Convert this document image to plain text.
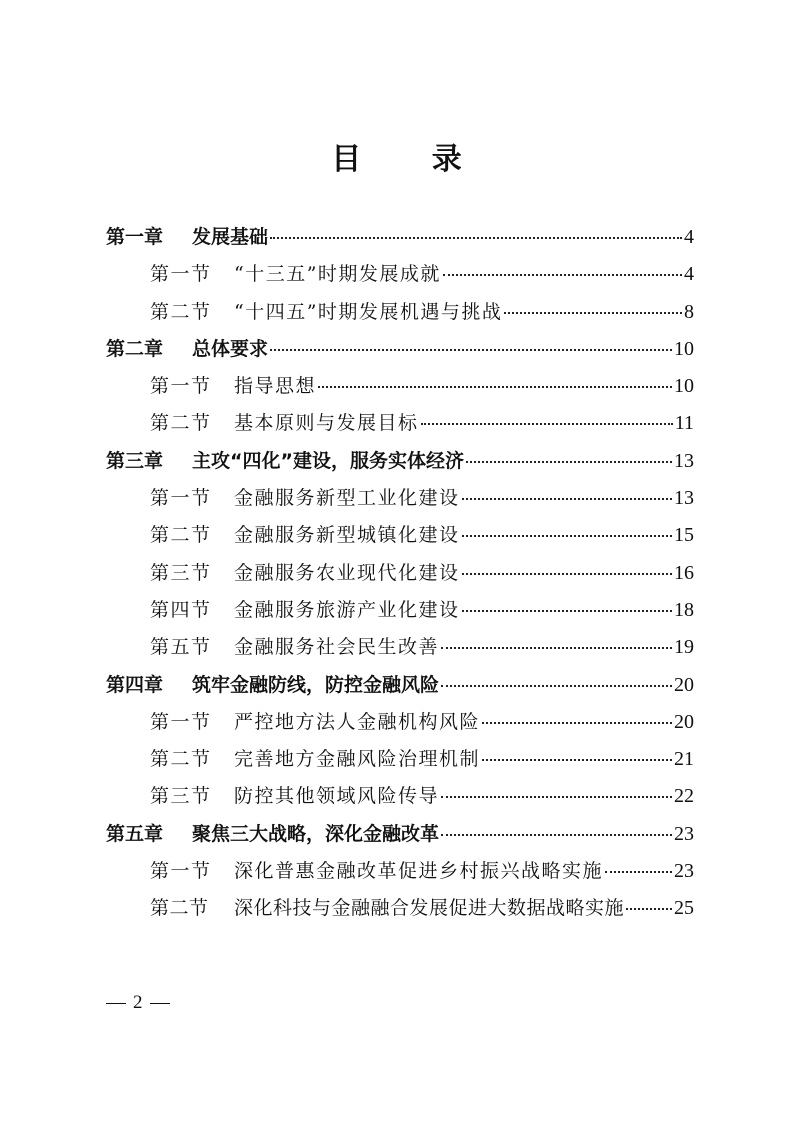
目 录
第一章	发展基础	4
第一节	“十三五”时期发展成就	4
第二节	“十四五”时期发展机遇与挑战	8
第二章	总体要求	10
第一节	指导思想	10
第二节	基本原则与发展目标	11
第三章	主攻“四化”建设，服务实体经济	13
第一节	金融服务新型工业化建设	13
第二节	金融服务新型城镇化建设	15
第三节	金融服务农业现代化建设	16
第四节	金融服务旅游产业化建设	18
第五节	金融服务社会民生改善	19
第四章	筑牢金融防线，防控金融风险	20
第一节	严控地方法人金融机构风险	20
第二节	完善地方金融风险治理机制	21
第三节	防控其他领域风险传导	22
第五章	聚焦三大战略，深化金融改革	23
第一节	深化普惠金融改革促进乡村振兴战略实施	23
第二节	深化科技与金融融合发展促进大数据战略实施 25
2
